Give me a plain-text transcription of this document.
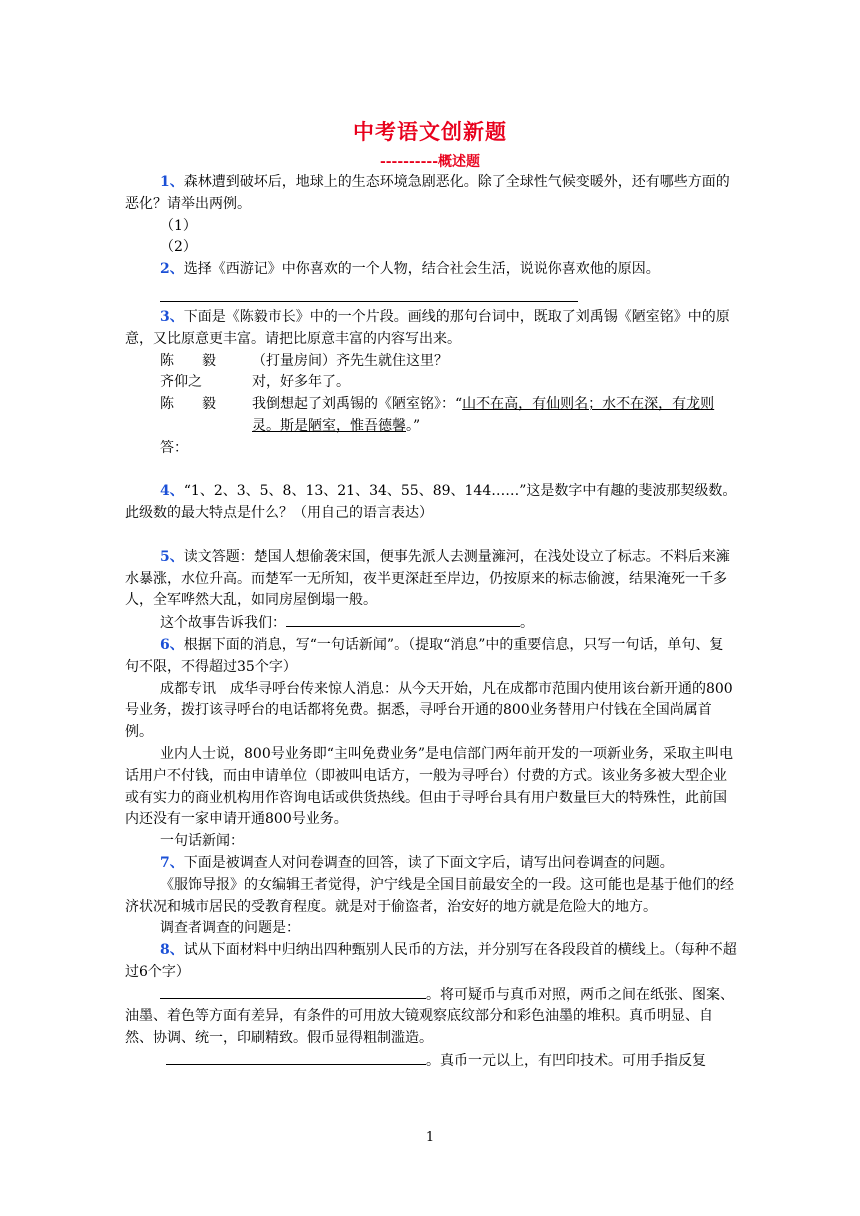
中考语文创新题
----------概述题

1、森林遭到破坏后，地球上的生态环境急剧恶化。除了全球性气候变暖外，还有哪些方面的恶化？请举出两例。

（1）

（2）

2、选择《西游记》中你喜欢的一个人物，结合社会生活，说说你喜欢他的原因。

3、下面是《陈毅市长》中的一个片段。画线的那句台词中，既取了刘禹锡《陋室铭》中的原意，又比原意更丰富。请把比原意丰富的内容写出来。

陈　　毅	（打量房间）齐先生就住这里？
齐仰之	对，好多年了。
陈　　毅	我倒想起了刘禹锡的《陋室铭》：“山不在高，有仙则名；水不在深，有龙则灵。斯是陋室，惟吾德馨。”

答：

4、“1、2、3、5、8、13、21、34、55、89、144……”这是数字中有趣的斐波那契级数。此级数的最大特点是什么？（用自己的语言表达）

5、读文答题：楚国人想偷袭宋国，便事先派人去测量澭河，在浅处设立了标志。不料后来澭水暴涨，水位升高。而楚军一无所知，夜半更深赶至岸边，仍按原来的标志偷渡，结果淹死一千多人，全军哗然大乱，如同房屋倒塌一般。

这个故事告诉我们：	。

6、根据下面的消息，写“一句话新闻”。（提取“消息”中的重要信息，只写一句话，单句、复句不限，不得超过35个字）

成都专讯　成华寻呼台传来惊人消息：从今天开始，凡在成都市范围内使用该台新开通的800号业务，拨打该寻呼台的电话都将免费。据悉，寻呼台开通的800业务替用户付钱在全国尚属首例。

业内人士说，800号业务即“主叫免费业务”是电信部门两年前开发的一项新业务，采取主叫电话用户不付钱，而由申请单位（即被叫电话方，一般为寻呼台）付费的方式。该业务多被大型企业或有实力的商业机构用作咨询电话或供货热线。但由于寻呼台具有用户数量巨大的特殊性，此前国内还没有一家申请开通800号业务。

一句话新闻：

7、下面是被调查人对问卷调查的回答，读了下面文字后，请写出问卷调查的问题。

《服饰导报》的女编辑王者觉得，沪宁线是全国目前最安全的一段。这可能也是基于他们的经济状况和城市居民的受教育程度。就是对于偷盗者，治安好的地方就是危险大的地方。

调查者调查的问题是：

8、试从下面材料中归纳出四种甄别人民币的方法，并分别写在各段段首的横线上。（每种不超过6个字）

。将可疑币与真币对照，两币之间在纸张、图案、油墨、着色等方面有差异，有条件的可用放大镜观察底纹部分和彩色油墨的堆积。真币明显、自然、协调、统一，印刷精致。假币显得粗制滥造。

。真币一元以上，有凹印技术。可用手指反复

1
